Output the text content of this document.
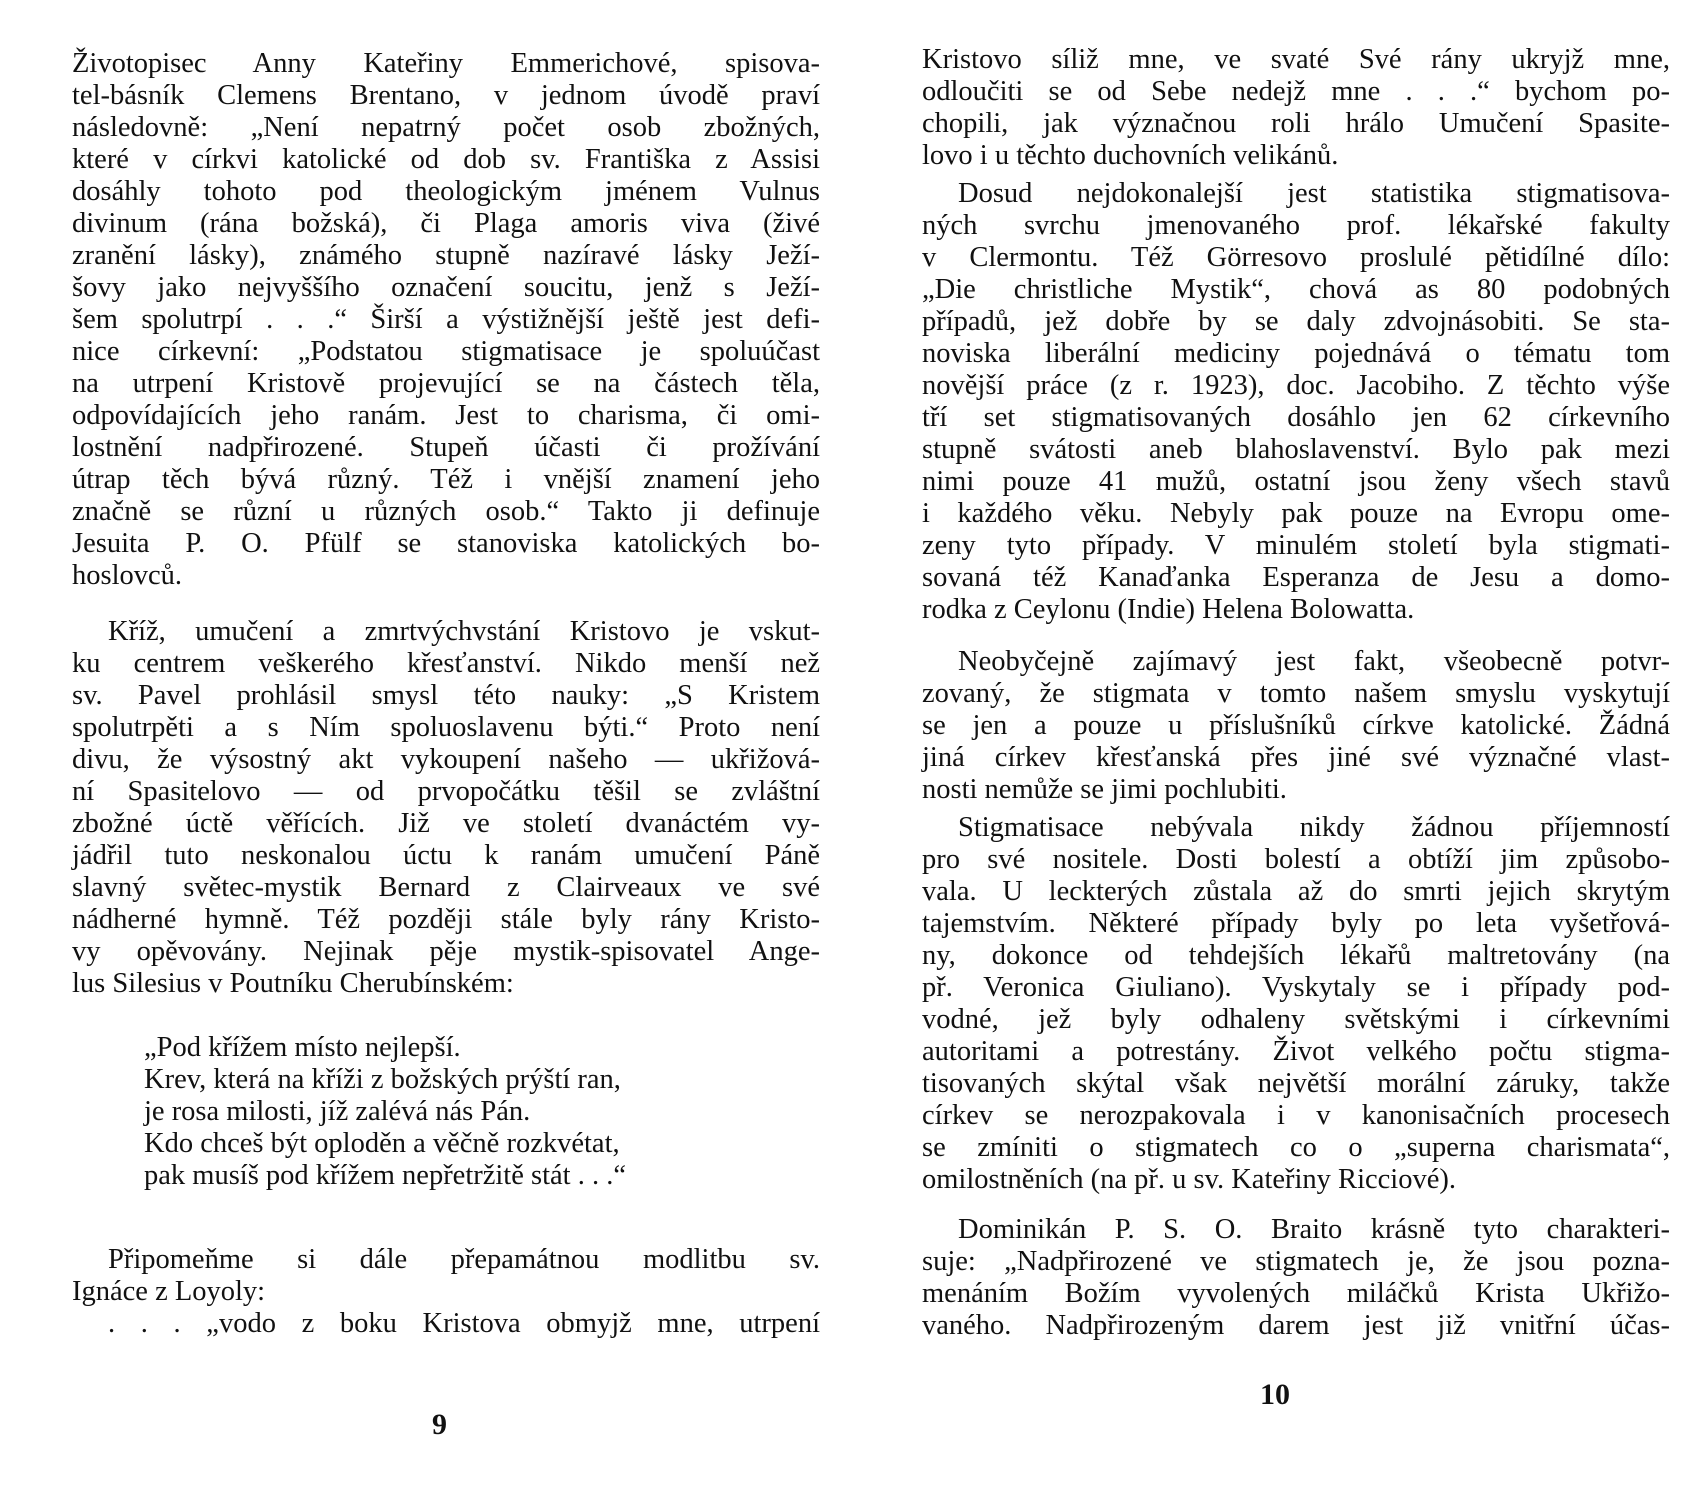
Životopisec Anny Kateřiny Emmerichové, spisova-
tel-básník Clemens Brentano, v jednom úvodě praví
následovně: „Není nepatrný počet osob zbožných,
které v církvi katolické od dob sv. Františka z Assisi
dosáhly tohoto pod theologickým jménem Vulnus
divinum (rána božská), či Plaga amoris viva (živé
zranění lásky), známého stupně nazíravé lásky Ježí-
šovy jako nejvyššího označení soucitu, jenž s Ježí-
šem spolutrpí . . .“ Širší a výstižnější ještě jest defi-
nice církevní: „Podstatou stigmatisace je spoluúčast
na utrpení Kristově projevující se na částech těla,
odpovídajících jeho ranám. Jest to charisma, či omi-
lostnění nadpřirozené. Stupeň účasti či prožívání
útrap těch bývá různý. Též i vnější znamení jeho
značně se různí u různých osob.“ Takto ji definuje
Jesuita P. O. Pfülf se stanoviska katolických bo-
hoslovců.
Kříž, umučení a zmrtvýchvstání Kristovo je vskut-
ku centrem veškerého křesťanství. Nikdo menší než
sv. Pavel prohlásil smysl této nauky: „S Kristem
spolutrpěti a s Ním spoluoslavenu býti.“ Proto není
divu, že výsostný akt vykoupení našeho — ukřižová-
ní Spasitelovo — od prvopočátku těšil se zvláštní
zbožné úctě věřících. Již ve století dvanáctém vy-
jádřil tuto neskonalou úctu k ranám umučení Páně
slavný světec-mystik Bernard z Clairveaux ve své
nádherné hymně. Též později stále byly rány Kristo-
vy opěvovány. Nejinak pěje mystik-spisovatel Ange-
lus Silesius v Poutníku Cherubínském:
„Pod křížem místo nejlepší.
Krev, která na kříži z božských prýští ran,
je rosa milosti, jíž zalévá nás Pán.
Kdo chceš být oploděn a věčně rozkvétat,
pak musíš pod křížem nepřetržitě stát . . .“
Připomeňme si dále přepamátnou modlitbu sv.
Ignáce z Loyoly:
. . . „vodo z boku Kristova obmyjž mne, utrpení
9
Kristovo síliž mne, ve svaté Své rány ukryjž mne,
odloučiti se od Sebe nedejž mne . . .“ bychom po-
chopili, jak význačnou roli hrálo Umučení Spasite-
lovo i u těchto duchovních velikánů.
Dosud nejdokonalejší jest statistika stigmatisova-
ných svrchu jmenovaného prof. lékařské fakulty
v Clermontu. Též Görresovo proslulé pětidílné dílo:
„Die christliche Mystik“, chová as 80 podobných
případů, jež dobře by se daly zdvojnásobiti. Se sta-
noviska liberální mediciny pojednává o tématu tom
novější práce (z r. 1923), doc. Jacobiho. Z těchto výše
tří set stigmatisovaných dosáhlo jen 62 církevního
stupně svátosti aneb blahoslavenství. Bylo pak mezi
nimi pouze 41 mužů, ostatní jsou ženy všech stavů
i každého věku. Nebyly pak pouze na Evropu ome-
zeny tyto případy. V minulém století byla stigmati-
sovaná též Kanaďanka Esperanza de Jesu a domo-
rodka z Ceylonu (Indie) Helena Bolowatta.
Neobyčejně zajímavý jest fakt, všeobecně potvr-
zovaný, že stigmata v tomto našem smyslu vyskytují
se jen a pouze u příslušníků církve katolické. Žádná
jiná církev křesťanská přes jiné své význačné vlast-
nosti nemůže se jimi pochlubiti.
Stigmatisace nebývala nikdy žádnou příjemností
pro své nositele. Dosti bolestí a obtíží jim způsobo-
vala. U leckterých zůstala až do smrti jejich skrytým
tajemstvím. Některé případy byly po leta vyšetřová-
ny, dokonce od tehdejších lékařů maltretovány (na
př. Veronica Giuliano). Vyskytaly se i případy pod-
vodné, jež byly odhaleny světskými i církevními
autoritami a potrestány. Život velkého počtu stigma-
tisovaných skýtal však největší morální záruky, takže
církev se nerozpakovala i v kanonisačních procesech
se zmíniti o stigmatech co o „superna charismata“,
omilostněních (na př. u sv. Kateřiny Ricciové).
Dominikán P. S. O. Braito krásně tyto charakteri-
suje: „Nadpřirozené ve stigmatech je, že jsou pozna-
menáním Božím vyvolených miláčků Krista Ukřižo-
vaného. Nadpřirozeným darem jest již vnitřní účas-
10
